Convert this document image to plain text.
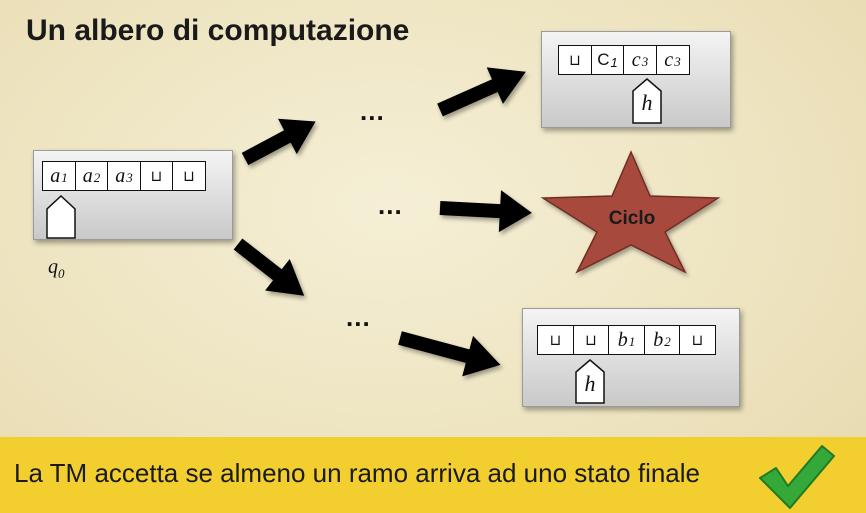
Un albero di computazione
$a_1$ $a_2$ $a_3$ ⊔ ⊔
$q_0$
⊔ $C_1$ $c_3$ $c_3$
h
⊔ ⊔ $b_1$ $b_2$ ⊔
h
...
...
...
Ciclo
La TM accetta se almeno un ramo arriva ad uno stato finale
